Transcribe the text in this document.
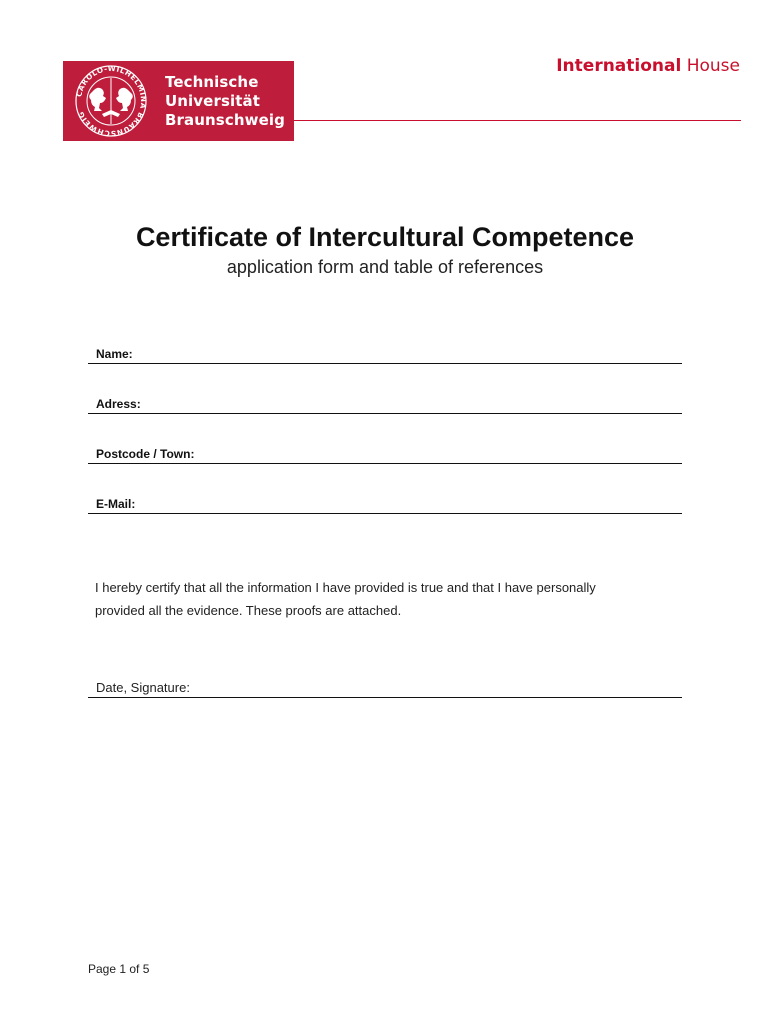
CAROLO-WILHELMINA BRAUNSCHWEIG
Technische
Universität
Braunschweig
International House
Certificate of Intercultural Competence
application form and table of references
Name:
Adress:
Postcode / Town:
E-Mail:
I hereby certify that all the information I have provided is true and that I have personally
provided all the evidence. These proofs are attached.
Date, Signature:
Page 1 of 5
